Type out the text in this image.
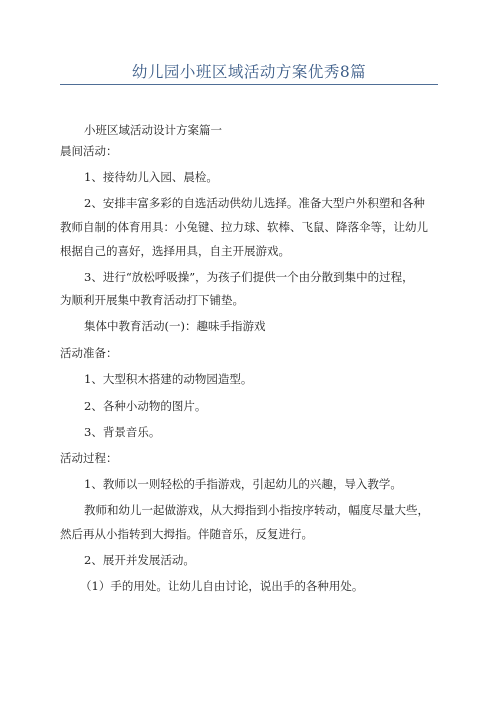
幼儿园小班区域活动方案优秀8篇

小班区域活动设计方案篇一

晨间活动：

1、接待幼儿入园、晨检。

2、安排丰富多彩的自选活动供幼儿选择。准备大型户外积塑和各种

教师自制的体育用具：小兔键、拉力球、软棒、飞鼠、降落伞等，让幼儿

根据自己的喜好，选择用具，自主开展游戏。

3、进行“放松呼吸操”，为孩子们提供一个由分散到集中的过程，

为顺利开展集中教育活动打下铺垫。

集体中教育活动(一)：趣味手指游戏

活动准备：

1、大型积木搭建的动物园造型。

2、各种小动物的图片。

3、背景音乐。

活动过程：

1、教师以一则轻松的手指游戏，引起幼儿的兴趣，导入教学。

教师和幼儿一起做游戏，从大拇指到小指按序转动，幅度尽量大些，

然后再从小指转到大拇指。伴随音乐，反复进行。

2、展开并发展活动。

（1）手的用处。让幼儿自由讨论，说出手的各种用处。
